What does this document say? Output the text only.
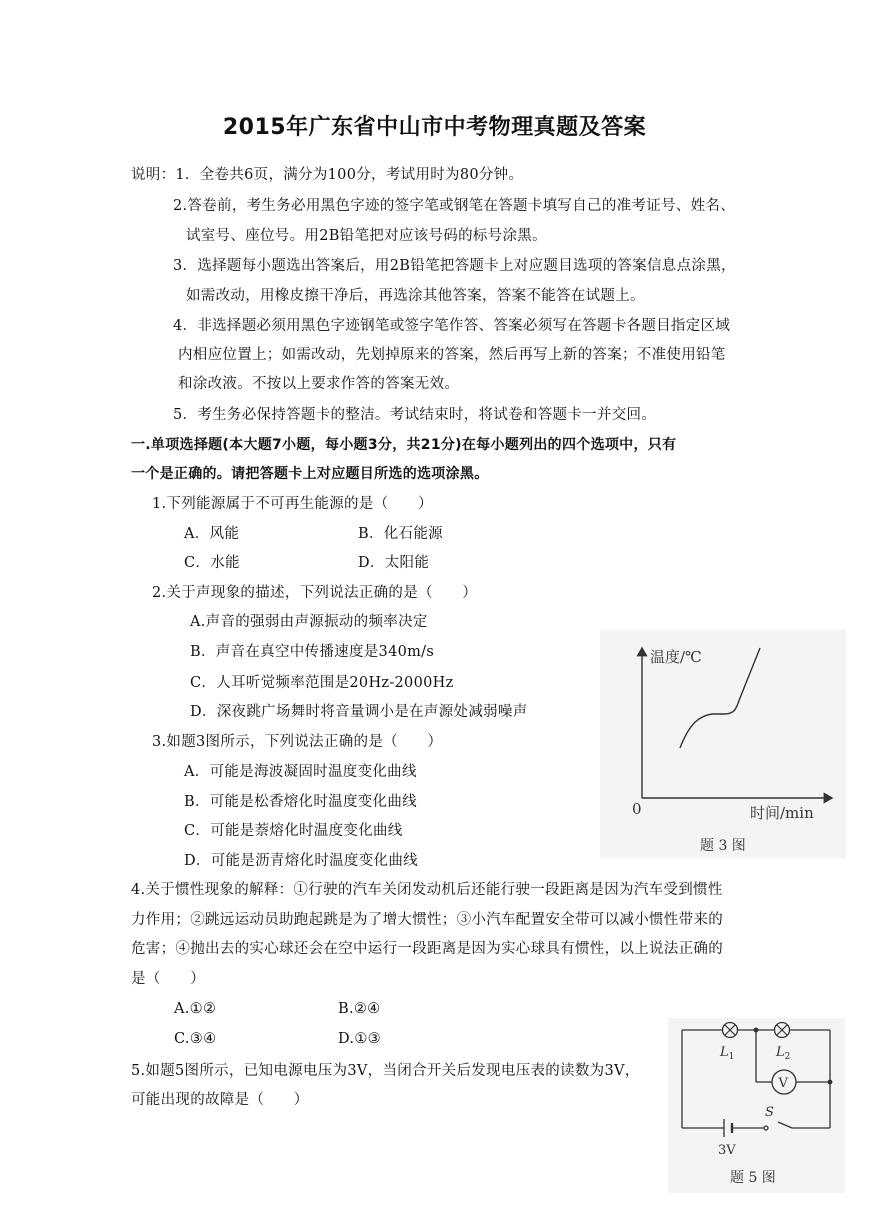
2015年广东省中山市中考物理真题及答案
说明：1．全卷共6页，满分为100分，考试用时为80分钟。
2.答卷前，考生务必用黑色字迹的签字笔或钢笔在答题卡填写自己的准考证号、姓名、
试室号、座位号。用2B铅笔把对应该号码的标号涂黑。
3．选择题每小题选出答案后，用2B铅笔把答题卡上对应题目选项的答案信息点涂黑，
如需改动，用橡皮擦干净后，再选涂其他答案，答案不能答在试题上。
4．非选择题必须用黑色字迹钢笔或签字笔作答、答案必须写在答题卡各题目指定区域
内相应位置上；如需改动，先划掉原来的答案，然后再写上新的答案；不准使用铅笔
和涂改液。不按以上要求作答的答案无效。
5．考生务必保持答题卡的整洁。考试结束时，将试卷和答题卡一并交回。
一.单项选择题(本大题7小题，每小题3分，共21分)在每小题列出的四个选项中，只有
一个是正确的。请把答题卡上对应题目所选的选项涂黑。
1.下列能源属于不可再生能源的是（　　）
A．风能	B．化石能源
C．水能	D．太阳能
2.关于声现象的描述，下列说法正确的是（　　）
A.声音的强弱由声源振动的频率决定
B．声音在真空中传播速度是340m/s
C．人耳听觉频率范围是20Hz-2000Hz
D．深夜跳广场舞时将音量调小是在声源处减弱噪声
3.如题3图所示，下列说法正确的是（　　）
A．可能是海波凝固时温度变化曲线
B．可能是松香熔化时温度变化曲线
C．可能是萘熔化时温度变化曲线
D．可能是沥青熔化时温度变化曲线
温度/℃
时间/min
0
题 3 图
4.关于惯性现象的解释：①行驶的汽车关闭发动机后还能行驶一段距离是因为汽车受到惯性
力作用；②跳远运动员助跑起跳是为了增大惯性；③小汽车配置安全带可以减小惯性带来的
危害；④抛出去的实心球还会在空中运行一段距离是因为实心球具有惯性，以上说法正确的
是（　　）
A.①②	B.②④
C.③④	D.①③
5.如题5图所示，已知电源电压为3V，当闭合开关后发现电压表的读数为3V，
可能出现的故障是（　　）
V
$L_1$	$L_2$
S
3V
题 5 图
